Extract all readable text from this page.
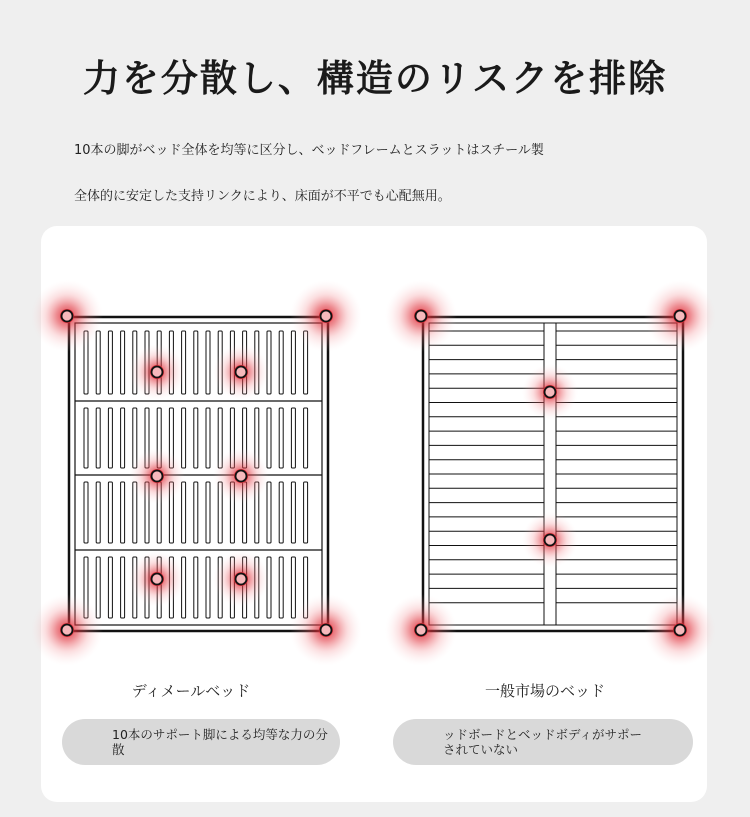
力を分散し、構造のリスクを排除
10本の脚がベッド全体を均等に区分し、ベッドフレームとスラットはスチール製
全体的に安定した支持リンクにより、床面が不平でも心配無用。
ディメールベッド	一般市場のベッド
10本のサポート脚による均等な力の分散
ッドボードとベッドボディがサポー
されていない
